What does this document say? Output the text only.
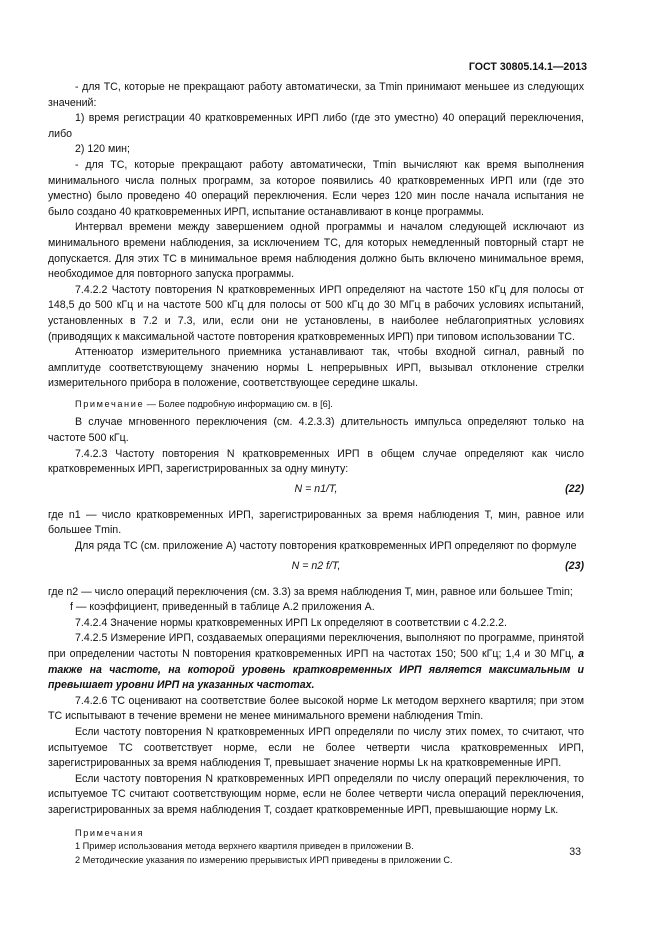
ГОСТ 30805.14.1—2013

- для ТС, которые не прекращают работу автоматически, за Tmin принимают меньшее из следующих значений:

1) время регистрации 40 кратковременных ИРП либо (где это уместно) 40 операций переключения, либо

2) 120 мин;

- для ТС, которые прекращают работу автоматически, Tmin вычисляют как время выполнения минимального числа полных программ, за которое появились 40 кратковременных ИРП или (где это уместно) было проведено 40 операций переключения. Если через 120 мин после начала испытания не было создано 40 кратковременных ИРП, испытание останавливают в конце программы.

Интервал времени между завершением одной программы и началом следующей исключают из минимального времени наблюдения, за исключением ТС, для которых немедленный повторный старт не допускается. Для этих ТС в минимальное время наблюдения должно быть включено минимальное время, необходимое для повторного запуска программы.

7.4.2.2 Частоту повторения N кратковременных ИРП определяют на частоте 150 кГц для полосы от 148,5 до 500 кГц и на частоте 500 кГц для полосы от 500 кГц до 30 МГц в рабочих условиях испытаний, установленных в 7.2 и 7.3, или, если они не установлены, в наиболее неблагоприятных условиях (приводящих к максимальной частоте повторения кратковременных ИРП) при типовом использовании ТС.

Аттенюатор измерительного приемника устанавливают так, чтобы входной сигнал, равный по амплитуде соответствующему значению нормы L непрерывных ИРП, вызывал отклонение стрелки измерительного прибора в положение, соответствующее середине шкалы.

Примечание — Более подробную информацию см. в [6].

В случае мгновенного переключения (см. 4.2.3.3) длительность импульса определяют только на частоте 500 кГц.

7.4.2.3 Частоту повторения N кратковременных ИРП в общем случае определяют как число кратковременных ИРП, зарегистрированных за одну минуту:

N = n1/T,	(22)

где n1 — число кратковременных ИРП, зарегистрированных за время наблюдения T, мин, равное или большее Tmin.

Для ряда ТС (см. приложение А) частоту повторения кратковременных ИРП определяют по формуле

N = n2 f/T,	(23)

где n2 — число операций переключения (см. 3.3) за время наблюдения T, мин, равное или большее Tmin;

f — коэффициент, приведенный в таблице А.2 приложения А.

7.4.2.4 Значение нормы кратковременных ИРП Lк определяют в соответствии с 4.2.2.2.

7.4.2.5 Измерение ИРП, создаваемых операциями переключения, выполняют по программе, принятой при определении частоты N повторения кратковременных ИРП на частотах 150; 500 кГц; 1,4 и 30 МГц, а также на частоте, на которой уровень кратковременных ИРП является максимальным и превышает уровни ИРП на указанных частотах.

7.4.2.6 ТС оценивают на соответствие более высокой норме Lк методом верхнего квартиля; при этом ТС испытывают в течение времени не менее минимального времени наблюдения Tmin.

Если частоту повторения N кратковременных ИРП определяли по числу этих помех, то считают, что испытуемое ТС соответствует норме, если не более четверти числа кратковременных ИРП, зарегистрированных за время наблюдения T, превышает значение нормы Lк на кратковременные ИРП.

Если частоту повторения N кратковременных ИРП определяли по числу операций переключения, то испытуемое ТС считают соответствующим норме, если не более четверти числа операций переключения, зарегистрированных за время наблюдения T, создает кратковременные ИРП, превышающие норму Lк.

Примечания

1 Пример использования метода верхнего квартиля приведен в приложении В.

2 Методические указания по измерению прерывистых ИРП приведены в приложении С.

33
